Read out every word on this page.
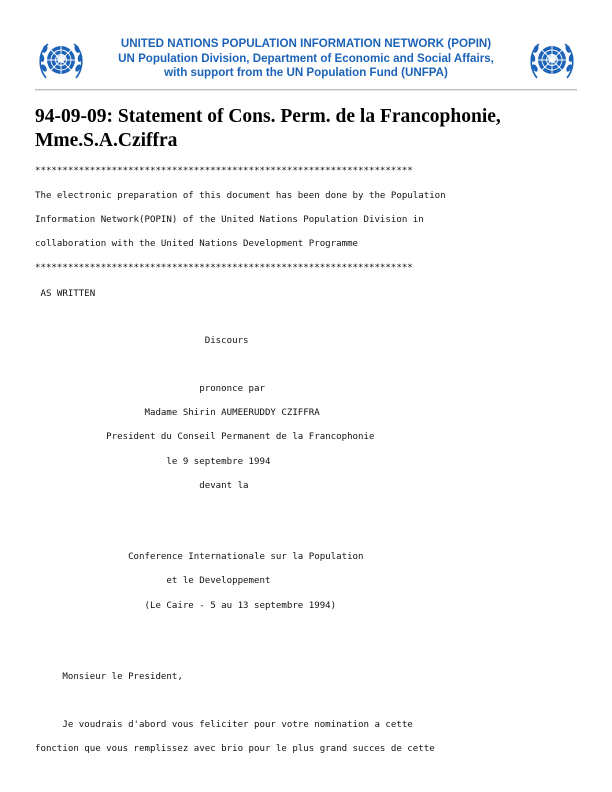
UNITED NATIONS POPULATION INFORMATION NETWORK (POPIN)
UN Population Division, Department of Economic and Social Affairs,
with support from the UN Population Fund (UNFPA)
94-09-09: Statement of Cons. Perm. de la Francophonie,
Mme.S.A.Cziffra
*********************************************************************
The electronic preparation of this document has been done by the Population
Information Network(POPIN) of the United Nations Population Division in
collaboration with the United Nations Development Programme
*********************************************************************
AS WRITTEN
Discours
prononce par
Madame Shirin AUMEERUDDY CZIFFRA
President du Conseil Permanent de la Francophonie
le 9 septembre 1994
devant la
Conference Internationale sur la Population
et le Developpement
(Le Caire - 5 au 13 septembre 1994)
Monsieur le President,
Je voudrais d'abord vous feliciter pour votre nomination a cette
fonction que vous remplissez avec brio pour le plus grand succes de cette
